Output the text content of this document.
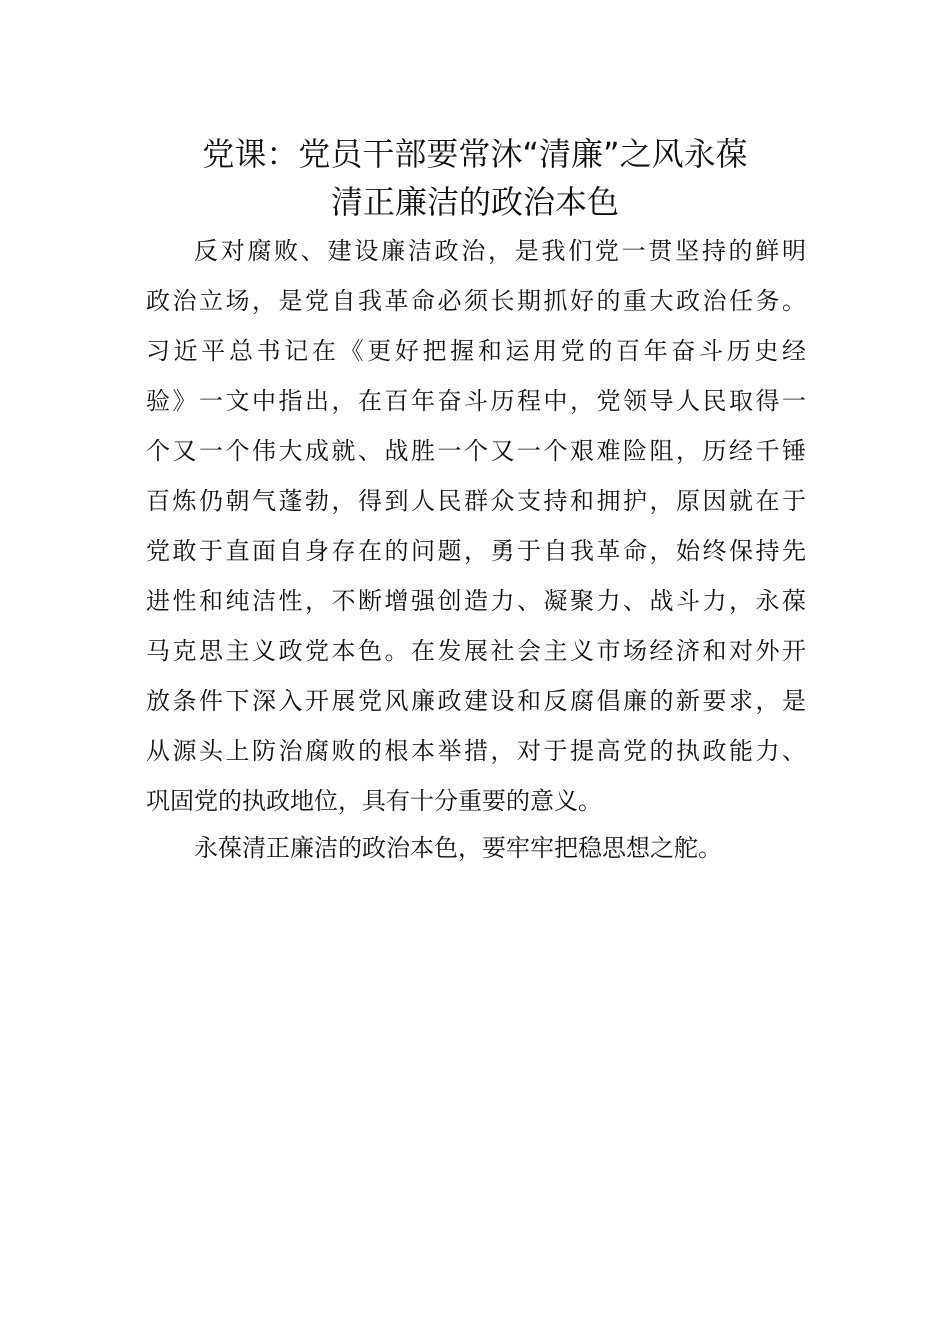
党课：党员干部要常沐“清廉”之风永葆
清正廉洁的政治本色
反对腐败、建设廉洁政治，是我们党一贯坚持的鲜明
政治立场，是党自我革命必须长期抓好的重大政治任务。
习近平总书记在《更好把握和运用党的百年奋斗历史经
验》一文中指出，在百年奋斗历程中，党领导人民取得一
个又一个伟大成就、战胜一个又一个艰难险阻，历经千锤
百炼仍朝气蓬勃，得到人民群众支持和拥护，原因就在于
党敢于直面自身存在的问题，勇于自我革命，始终保持先
进性和纯洁性，不断增强创造力、凝聚力、战斗力，永葆
马克思主义政党本色。在发展社会主义市场经济和对外开
放条件下深入开展党风廉政建设和反腐倡廉的新要求，是
从源头上防治腐败的根本举措，对于提高党的执政能力、
巩固党的执政地位，具有十分重要的意义。
永葆清正廉洁的政治本色，要牢牢把稳思想之舵。
